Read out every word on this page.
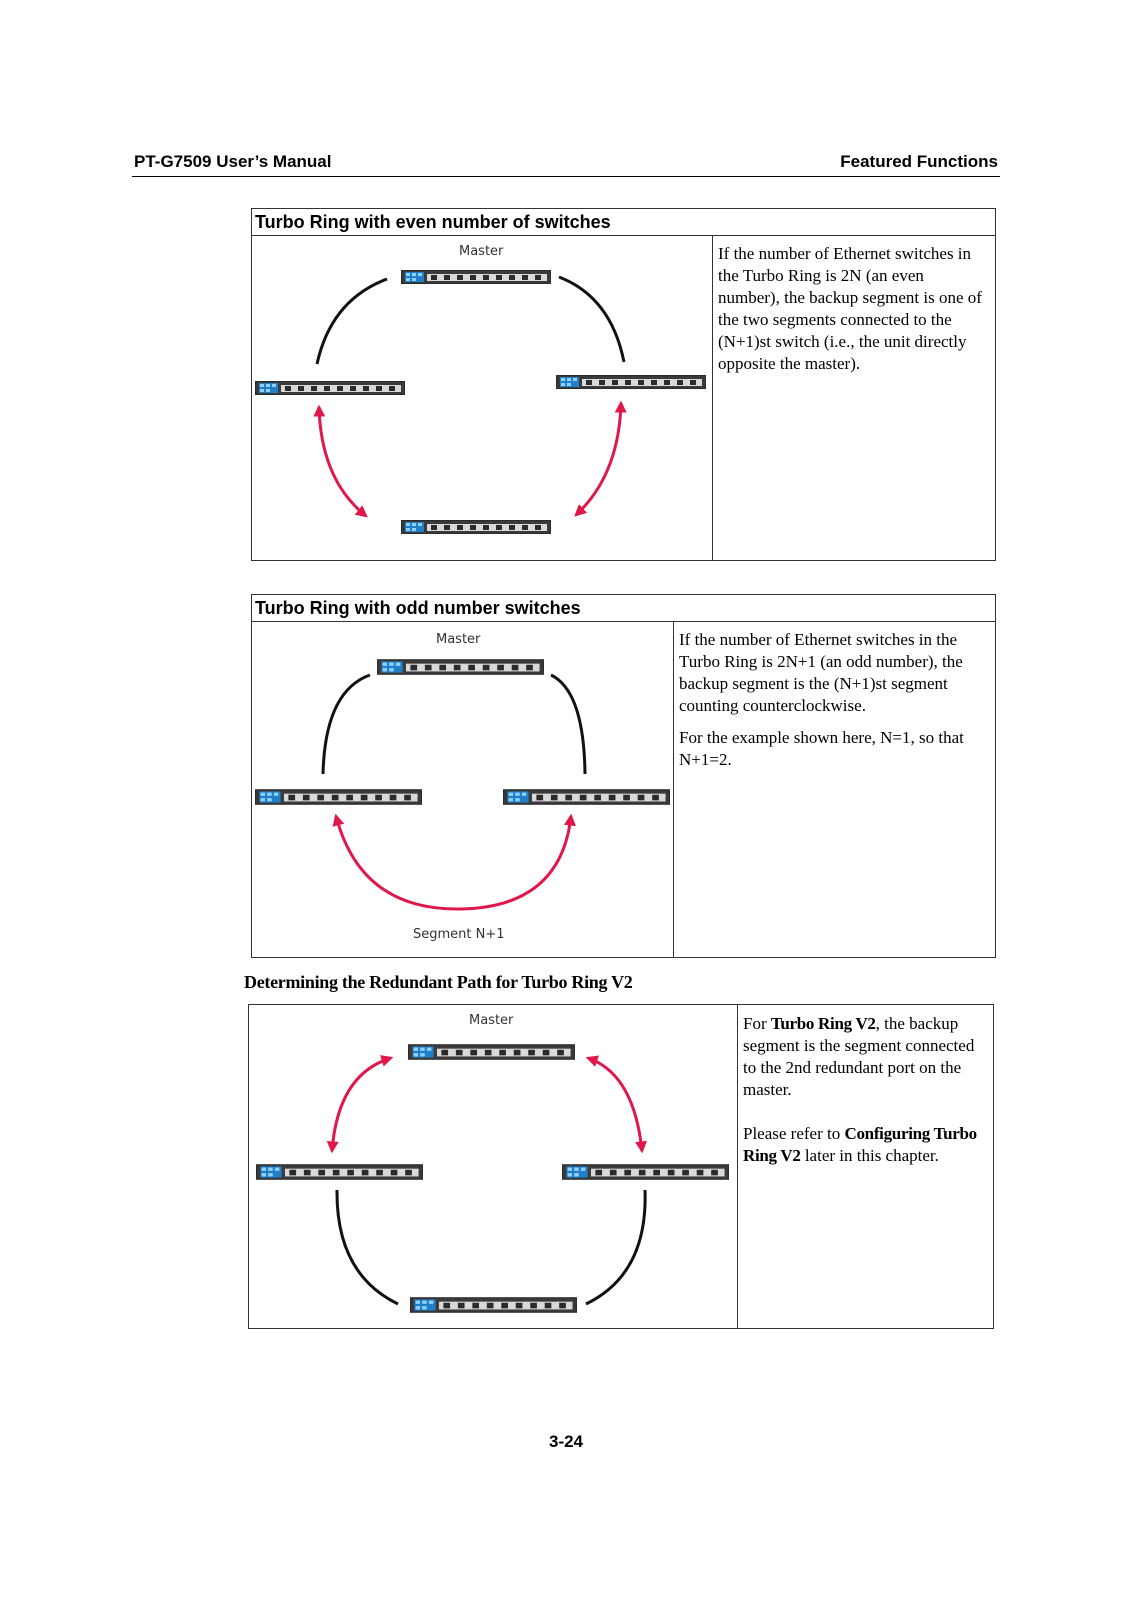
PT-G7509 User’s Manual	Featured Functions
Turbo Ring with even number of switches
If the number of Ethernet switches in the Turbo Ring is 2N (an even number), the backup segment is one of the two segments connected to the (N+1)st switch (i.e., the unit directly opposite the master).
Master
Turbo Ring with odd number switches

If the number of Ethernet switches in the Turbo Ring is 2N+1 (an odd number), the backup segment is the (N+1)st segment counting counterclockwise.

For the example shown here, N=1, so that N+1=2.

Master
Segment N+1
Determining the Redundant Path for Turbo Ring V2

For Turbo Ring V2, the backup segment is the segment connected to the 2nd redundant port on the master.

Please refer to Configuring Turbo Ring V2 later in this chapter.

Master
3-24
